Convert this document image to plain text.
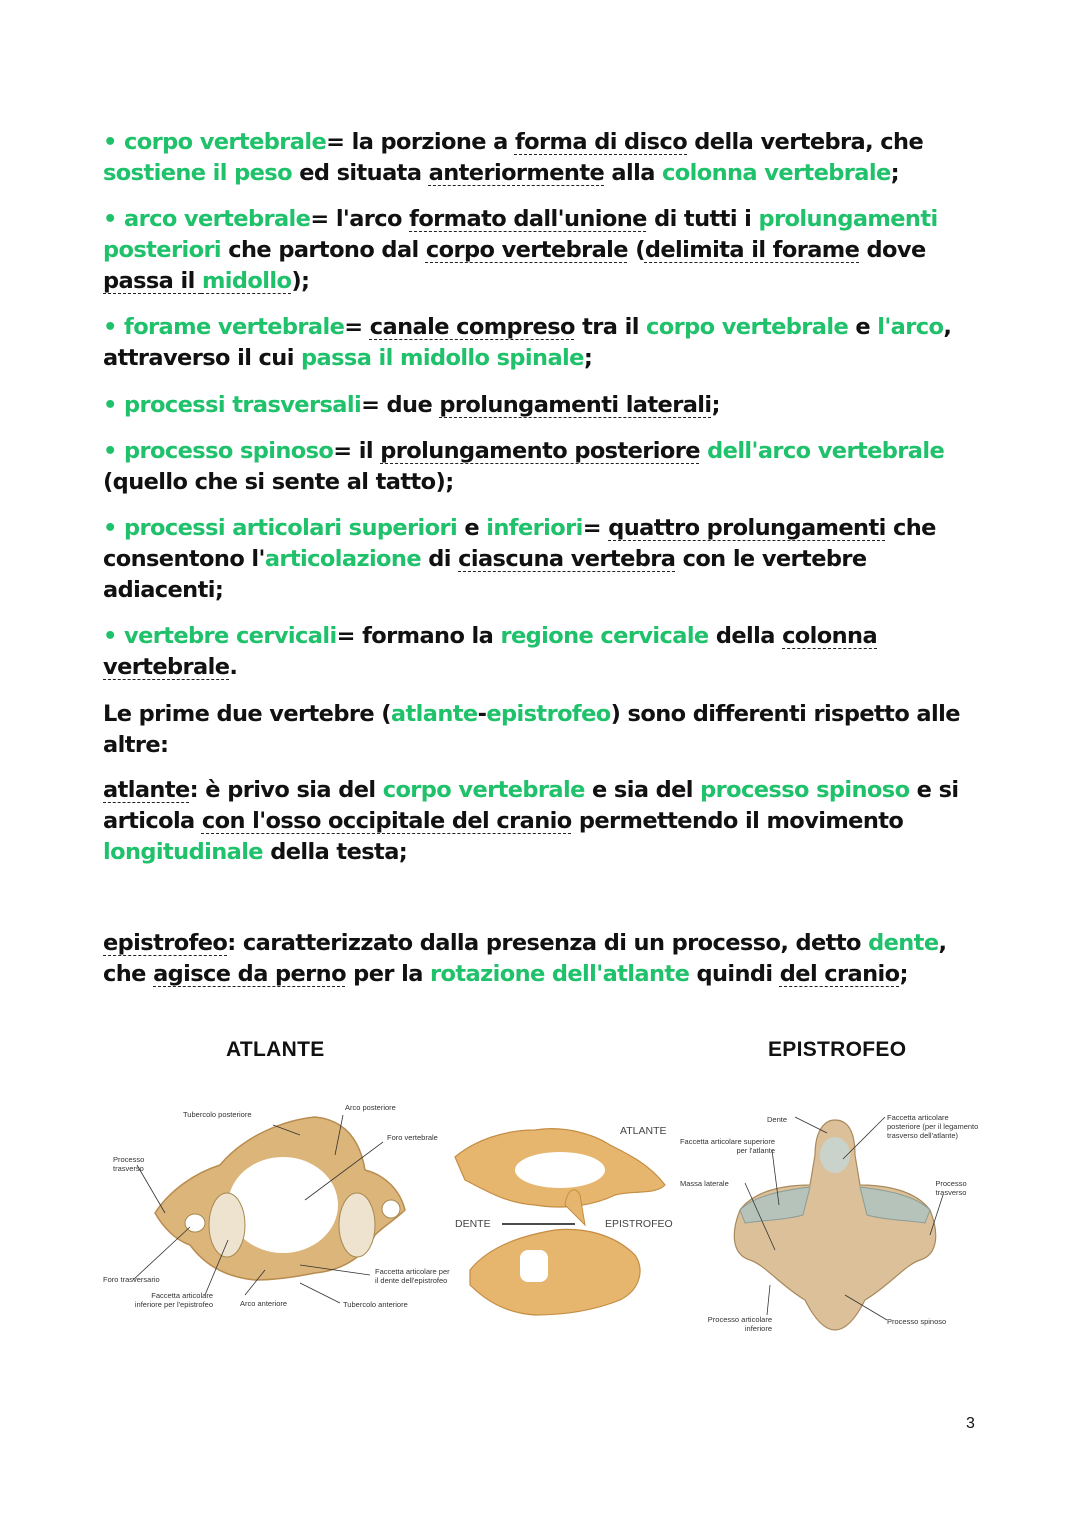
• corpo vertebrale= la porzione a forma di disco della vertebra, che sostiene il peso ed situata anteriormente alla colonna vertebrale;
• arco vertebrale= l'arco formato dall'unione di tutti i prolungamenti posteriori che partono dal corpo vertebrale (delimita il forame dove passa il midollo);
• forame vertebrale= canale compreso tra il corpo vertebrale e l'arco, attraverso il cui passa il midollo spinale;
• processi trasversali= due prolungamenti laterali;
• processo spinoso= il prolungamento posteriore dell'arco vertebrale (quello che si sente al tatto);
• processi articolari superiori e inferiori= quattro prolungamenti che consentono l'articolazione di ciascuna vertebra con le vertebre adiacenti;
• vertebre cervicali= formano la regione cervicale della colonna vertebrale.
Le prime due vertebre (atlante-epistrofeo) sono differenti rispetto alle altre:
atlante: è privo sia del corpo vertebrale e sia del processo spinoso e si articola con l'osso occipitale del cranio permettendo il movimento longitudinale della testa;
epistrofeo: caratterizzato dalla presenza di un processo, detto dente, che agisce da perno per la rotazione dell'atlante quindi del cranio;
ATLANTE	EPISTROFEO
Tubercolo posteriore
Arco posteriore
Foro vertebrale
Processo trasverso
Foro trasversario
Faccetta articolare inferiore per l'epistrofeo	Arco anteriore
Faccetta articolare per il dente dell'epistrofeo
Tubercolo anteriore
ATLANTE
DENTE	EPISTROFEO
Dente
Faccetta articolare superiore per l'atlante
Faccetta articolare posteriore (per il legamento trasverso dell'atlante)
Massa laterale	Processo trasverso
Processo articolare inferiore
Processo spinoso
3
